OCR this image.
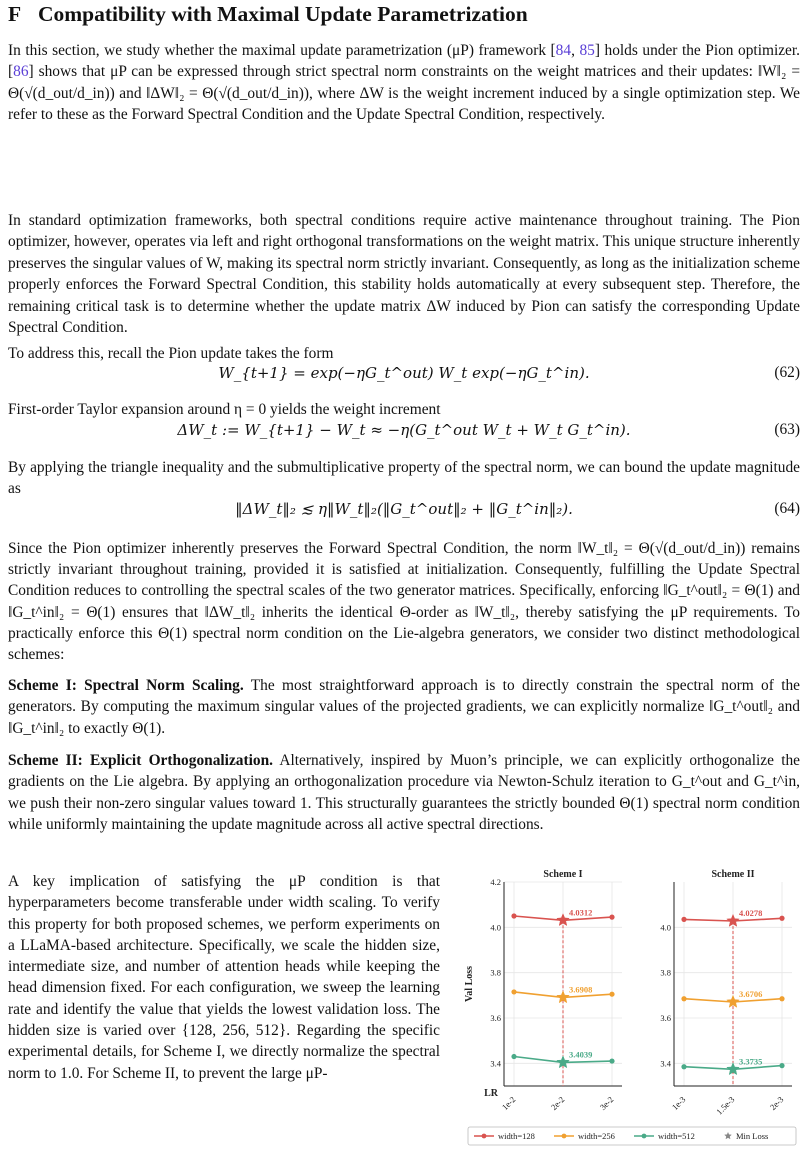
F Compatibility with Maximal Update Parametrization
In this section, we study whether the maximal update parametrization (μP) framework [84, 85] holds under the Pion optimizer. [86] shows that μP can be expressed through strict spectral norm constraints on the weight matrices and their updates: ‖W‖₂ = Θ(√(d_out/d_in)) and ‖ΔW‖₂ = Θ(√(d_out/d_in)), where ΔW is the weight increment induced by a single optimization step. We refer to these as the Forward Spectral Condition and the Update Spectral Condition, respectively.
In standard optimization frameworks, both spectral conditions require active maintenance throughout training. The Pion optimizer, however, operates via left and right orthogonal transformations on the weight matrix. This unique structure inherently preserves the singular values of W, making its spectral norm strictly invariant. Consequently, as long as the initialization scheme properly enforces the Forward Spectral Condition, this stability holds automatically at every subsequent step. Therefore, the remaining critical task is to determine whether the update matrix ΔW induced by Pion can satisfy the corresponding Update Spectral Condition.
To address this, recall the Pion update takes the form
W_{t+1} = exp(−ηG_t^out) W_t exp(−ηG_t^in).	(62)
First-order Taylor expansion around η = 0 yields the weight increment
ΔW_t := W_{t+1} − W_t ≈ −η(G_t^out W_t + W_t G_t^in).	(63)
By applying the triangle inequality and the submultiplicative property of the spectral norm, we can bound the update magnitude as
‖ΔW_t‖₂ ≲ η‖W_t‖₂(‖G_t^out‖₂ + ‖G_t^in‖₂).	(64)
Since the Pion optimizer inherently preserves the Forward Spectral Condition, the norm ‖W_t‖₂ = Θ(√(d_out/d_in)) remains strictly invariant throughout training, provided it is satisfied at initialization. Consequently, fulfilling the Update Spectral Condition reduces to controlling the spectral scales of the two generator matrices. Specifically, enforcing ‖G_t^out‖₂ = Θ(1) and ‖G_t^in‖₂ = Θ(1) ensures that ‖ΔW_t‖₂ inherits the identical Θ-order as ‖W_t‖₂, thereby satisfying the μP requirements. To practically enforce this Θ(1) spectral norm condition on the Lie-algebra generators, we consider two distinct methodological schemes:
Scheme I: Spectral Norm Scaling. The most straightforward approach is to directly constrain the spectral norm of the generators. By computing the maximum singular values of the projected gradients, we can explicitly normalize ‖G_t^out‖₂ and ‖G_t^in‖₂ to exactly Θ(1).
Scheme II: Explicit Orthogonalization. Alternatively, inspired by Muon’s principle, we can explicitly orthogonalize the gradients on the Lie algebra. By applying an orthogonalization procedure via Newton-Schulz iteration to G_t^out and G_t^in, we push their non-zero singular values toward 1. This structurally guarantees the strictly bounded Θ(1) spectral norm condition while uniformly maintaining the update magnitude across all active spectral directions.
A key implication of satisfying the μP condition is that hyperparameters become transferable under width scaling. To verify this property for both proposed schemes, we perform experiments on a LLaMA-based architecture. Specifically, we scale the hidden size, intermediate size, and number of attention heads while keeping the head dimension fixed. For each configuration, we sweep the learning rate and identify the value that yields the lowest validation loss. The hidden size is varied over {128, 256, 512}. Regarding the specific experimental details, for Scheme I, we directly normalize the spectral norm to 1.0. For Scheme II, to prevent the large μP-
Scheme I
3.4
3.6
3.8
4.0
4.2
1e-2	2e-2	3e-2
4.0312
3.6908
3.4039
Val Loss
LR
Scheme II
3.4
3.6
3.8
4.0
1e-3	1.5e-3	2e-3
4.0278
3.6706
3.3735
width=128	width=256	width=512	Min Loss
